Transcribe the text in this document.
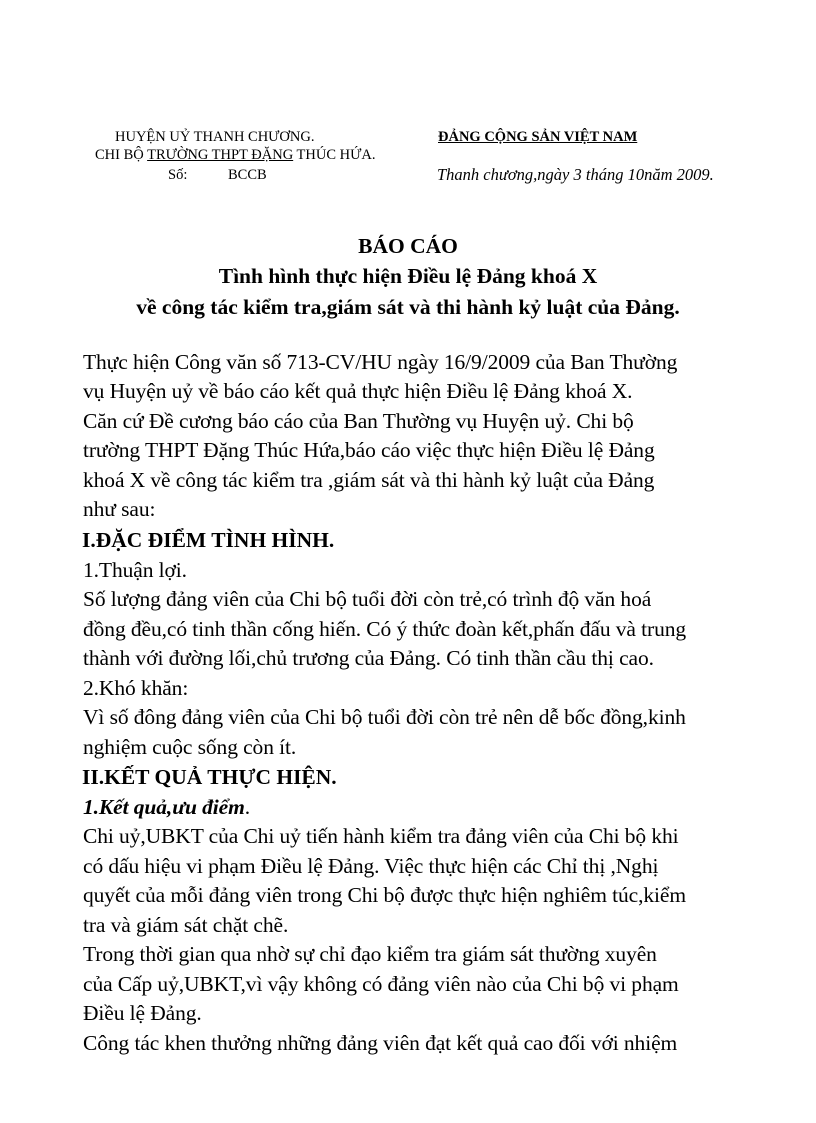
HUYỆN UỶ THANH CHƯƠNG.
CHI BỘ TRƯỜNG THPT ĐẶNG THÚC HỨA.
Số:	BCCB
ĐẢNG CỘNG SẢN VIỆT NAM
Thanh chương,ngày 3 tháng 10năm 2009.
BÁO CÁO
Tình hình thực hiện Điều lệ Đảng khoá X
về công tác kiểm tra,giám sát và thi hành kỷ luật của Đảng.
Thực hiện Công văn số 713-CV/HU ngày 16/9/2009 của Ban Thường
vụ Huyện uỷ về báo cáo kết quả thực hiện Điều lệ Đảng khoá X.
Căn cứ Đề cương báo cáo của Ban Thường vụ Huyện uỷ. Chi bộ
trường THPT Đặng Thúc Hứa,báo cáo việc thực hiện Điều lệ Đảng
khoá X về công tác kiểm tra ,giám sát và thi hành kỷ luật của Đảng
như sau:
I.ĐẶC ĐIỂM TÌNH HÌNH.
1.Thuận lợi.
Số lượng đảng viên của Chi bộ tuổi đời còn trẻ,có trình độ văn hoá
đồng đều,có tinh thần cống hiến. Có ý thức đoàn kết,phấn đấu và trung
thành với đường lối,chủ trương của Đảng. Có tinh thần cầu thị cao.
2.Khó khăn:
Vì số đông đảng viên của Chi bộ tuổi đời còn trẻ nên dễ bốc đồng,kinh
nghiệm cuộc sống còn ít.
II.KẾT QUẢ THỰC HIỆN.
1.Kết quả,ưu điểm.
Chi uỷ,UBKT của Chi uỷ tiến hành kiểm tra đảng viên của Chi bộ khi
có dấu hiệu vi phạm Điều lệ Đảng. Việc thực hiện các Chỉ thị ,Nghị
quyết của mỗi đảng viên trong Chi bộ được thực hiện nghiêm túc,kiểm
tra và giám sát chặt chẽ.
Trong thời gian qua nhờ sự chỉ đạo kiểm tra giám sát thường xuyên
của Cấp uỷ,UBKT,vì vậy không có đảng viên nào của Chi bộ vi phạm
Điều lệ Đảng.
Công tác khen thưởng những đảng viên đạt kết quả cao đối với nhiệm
